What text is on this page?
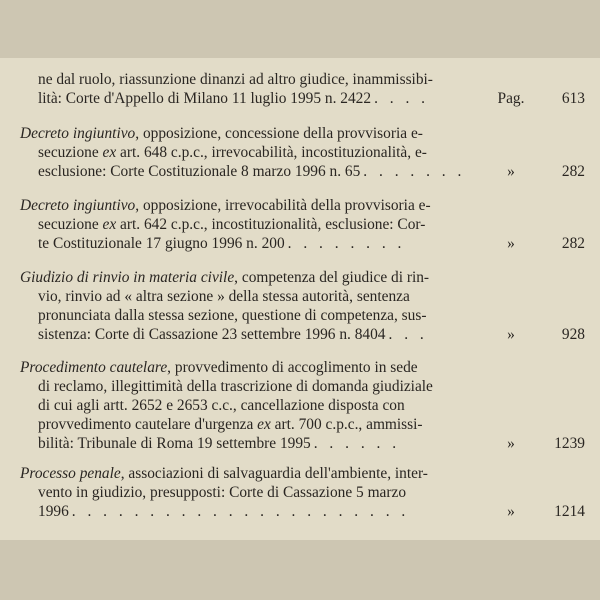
ne dal ruolo, riassunzione dinanzi ad altro giudice, inammissibi-
lità: Corte d'Appello di Milano 11 luglio 1995 n. 2422 . . . .	Pag.	613
Decreto ingiuntivo, opposizione, concessione della provvisoria e-
secuzione ex art. 648 c.p.c., irrevocabilità, incostituzionalità, e-
esclusione: Corte Costituzionale 8 marzo 1996 n. 65 . . . . . . .	»	282
Decreto ingiuntivo, opposizione, irrevocabilità della provvisoria e-
secuzione ex art. 642 c.p.c., incostituzionalità, esclusione: Cor-
te Costituzionale 17 giugno 1996 n. 200 . . . . . . . .	»	282
Giudizio di rinvio in materia civile, competenza del giudice di rin-
vio, rinvio ad « altra sezione » della stessa autorità, sentenza
pronunciata dalla stessa sezione, questione di competenza, sus-
sistenza: Corte di Cassazione 23 settembre 1996 n. 8404 . . .	»	928
Procedimento cautelare, provvedimento di accoglimento in sede
di reclamo, illegittimità della trascrizione di domanda giudiziale
di cui agli artt. 2652 e 2653 c.c., cancellazione disposta con
provvedimento cautelare d'urgenza ex art. 700 c.p.c., ammissi-
bilità: Tribunale di Roma 19 settembre 1995 . . . . . .	»	1239
Processo penale, associazioni di salvaguardia dell'ambiente, inter-
vento in giudizio, presupposti: Corte di Cassazione 5 marzo
1996 . . . . . . . . . . . . . . . . . . . . . .	»	1214
